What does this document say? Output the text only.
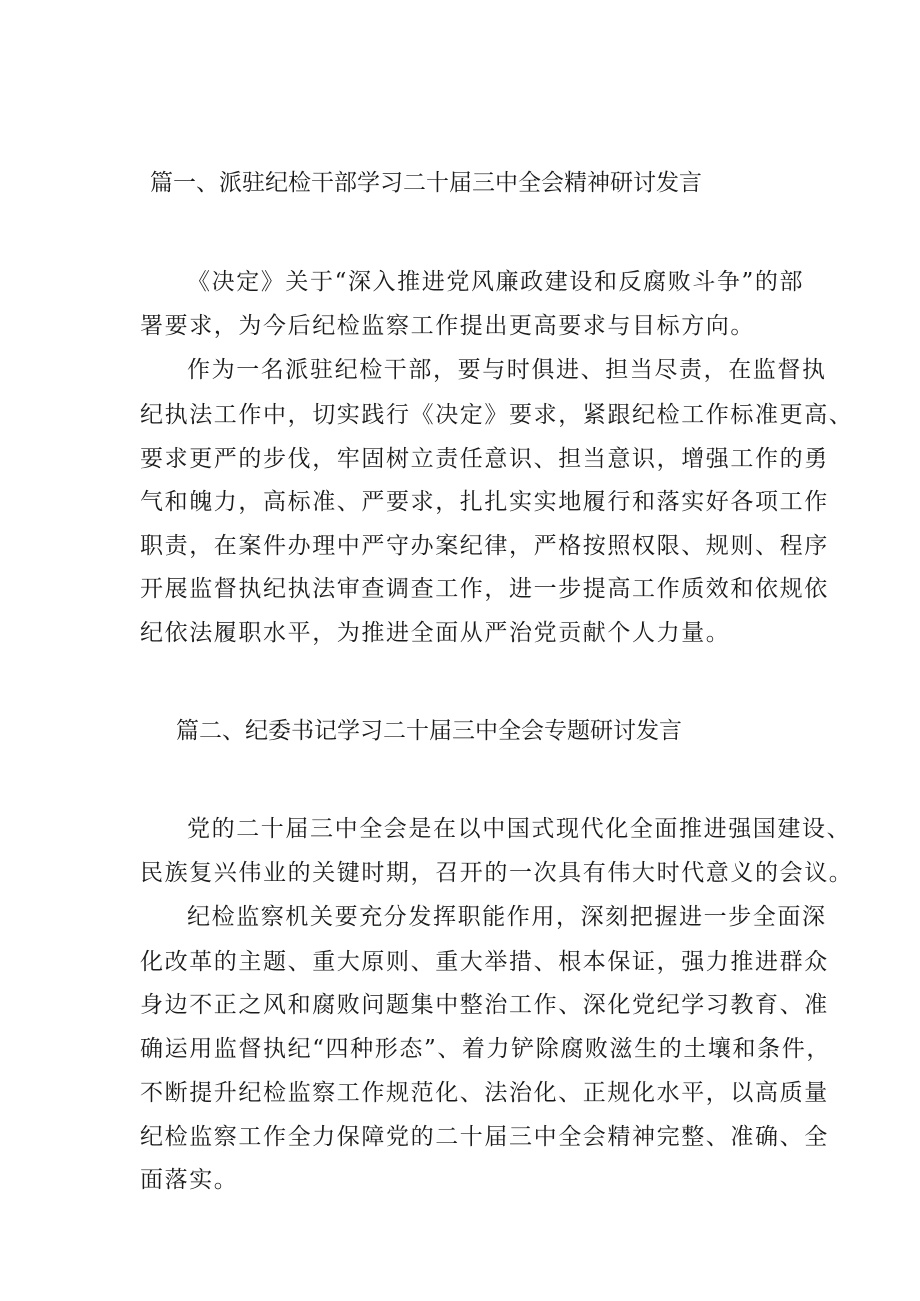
篇一、派驻纪检干部学习二十届三中全会精神研讨发言

《决定》关于“深入推进党风廉政建设和反腐败斗争”的部

署要求，为今后纪检监察工作提出更高要求与目标方向。

作为一名派驻纪检干部，要与时俱进、担当尽责，在监督执

纪执法工作中，切实践行《决定》要求，紧跟纪检工作标准更高、

要求更严的步伐，牢固树立责任意识、担当意识，增强工作的勇

气和魄力，高标准、严要求，扎扎实实地履行和落实好各项工作

职责，在案件办理中严守办案纪律，严格按照权限、规则、程序

开展监督执纪执法审查调查工作，进一步提高工作质效和依规依

纪依法履职水平，为推进全面从严治党贡献个人力量。

篇二、纪委书记学习二十届三中全会专题研讨发言

党的二十届三中全会是在以中国式现代化全面推进强国建设、

民族复兴伟业的关键时期，召开的一次具有伟大时代意义的会议。

纪检监察机关要充分发挥职能作用，深刻把握进一步全面深

化改革的主题、重大原则、重大举措、根本保证，强力推进群众

身边不正之风和腐败问题集中整治工作、深化党纪学习教育、准

确运用监督执纪“四种形态”、着力铲除腐败滋生的土壤和条件，

不断提升纪检监察工作规范化、法治化、正规化水平，以高质量

纪检监察工作全力保障党的二十届三中全会精神完整、准确、全

面落实。
